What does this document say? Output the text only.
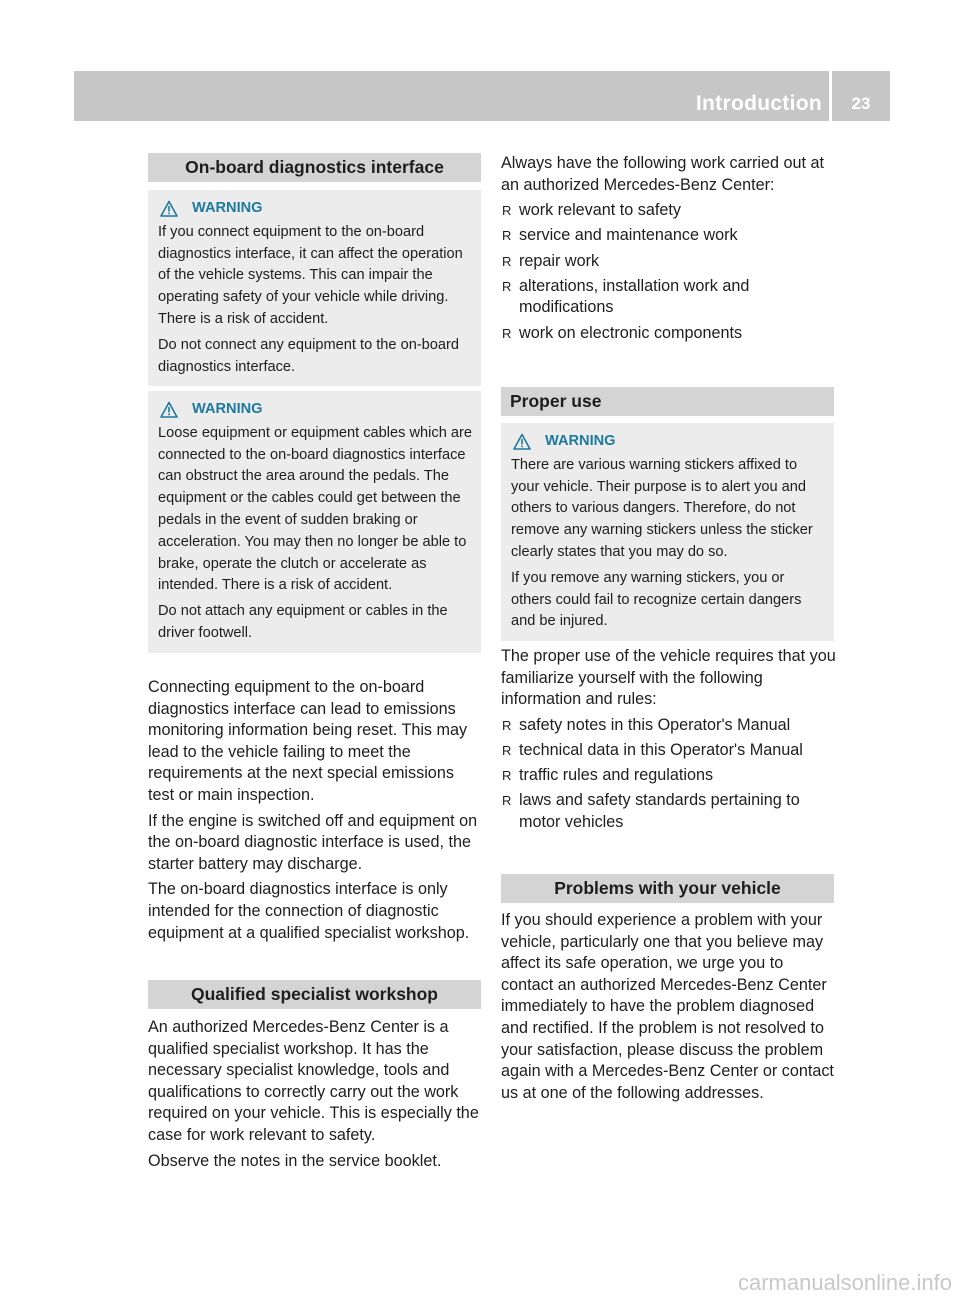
Introduction	23
On-board diagnostics interface
WARNING

If you connect equipment to the on-board diagnostics interface, it can affect the operation of the vehicle systems. This can impair the operating safety of your vehicle while driving. There is a risk of accident.

Do not connect any equipment to the on-board diagnostics interface.

WARNING

Loose equipment or equipment cables which are connected to the on-board diagnostics interface can obstruct the area around the pedals. The equipment or the cables could get between the pedals in the event of sudden braking or acceleration. You may then no longer be able to brake, operate the clutch or accelerate as intended. There is a risk of accident.

Do not attach any equipment or cables in the driver footwell.

Connecting equipment to the on-board diagnostics interface can lead to emissions monitoring information being reset. This may lead to the vehicle failing to meet the requirements at the next special emissions test or main inspection.

If the engine is switched off and equipment on the on-board diagnostic interface is used, the starter battery may discharge.

The on-board diagnostics interface is only intended for the connection of diagnostic equipment at a qualified specialist workshop.

Qualified specialist workshop

An authorized Mercedes-Benz Center is a qualified specialist workshop. It has the necessary specialist knowledge, tools and qualifications to correctly carry out the work required on your vehicle. This is especially the case for work relevant to safety.

Observe the notes in the service booklet.

Always have the following work carried out at an authorized Mercedes-Benz Center:

R work relevant to safety
R service and maintenance work
R repair work
R alterations, installation work and modifications
R work on electronic components
Proper use
WARNING

There are various warning stickers affixed to your vehicle. Their purpose is to alert you and others to various dangers. Therefore, do not remove any warning stickers unless the sticker clearly states that you may do so.

If you remove any warning stickers, you or others could fail to recognize certain dangers and be injured.

The proper use of the vehicle requires that you familiarize yourself with the following information and rules:

R safety notes in this Operator's Manual
R technical data in this Operator's Manual
R traffic rules and regulations
R laws and safety standards pertaining to motor vehicles
Problems with your vehicle

If you should experience a problem with your vehicle, particularly one that you believe may affect its safe operation, we urge you to contact an authorized Mercedes-Benz Center immediately to have the problem diagnosed and rectified. If the problem is not resolved to your satisfaction, please discuss the problem again with a Mercedes-Benz Center or contact us at one of the following addresses.

carmanualsonline.info
